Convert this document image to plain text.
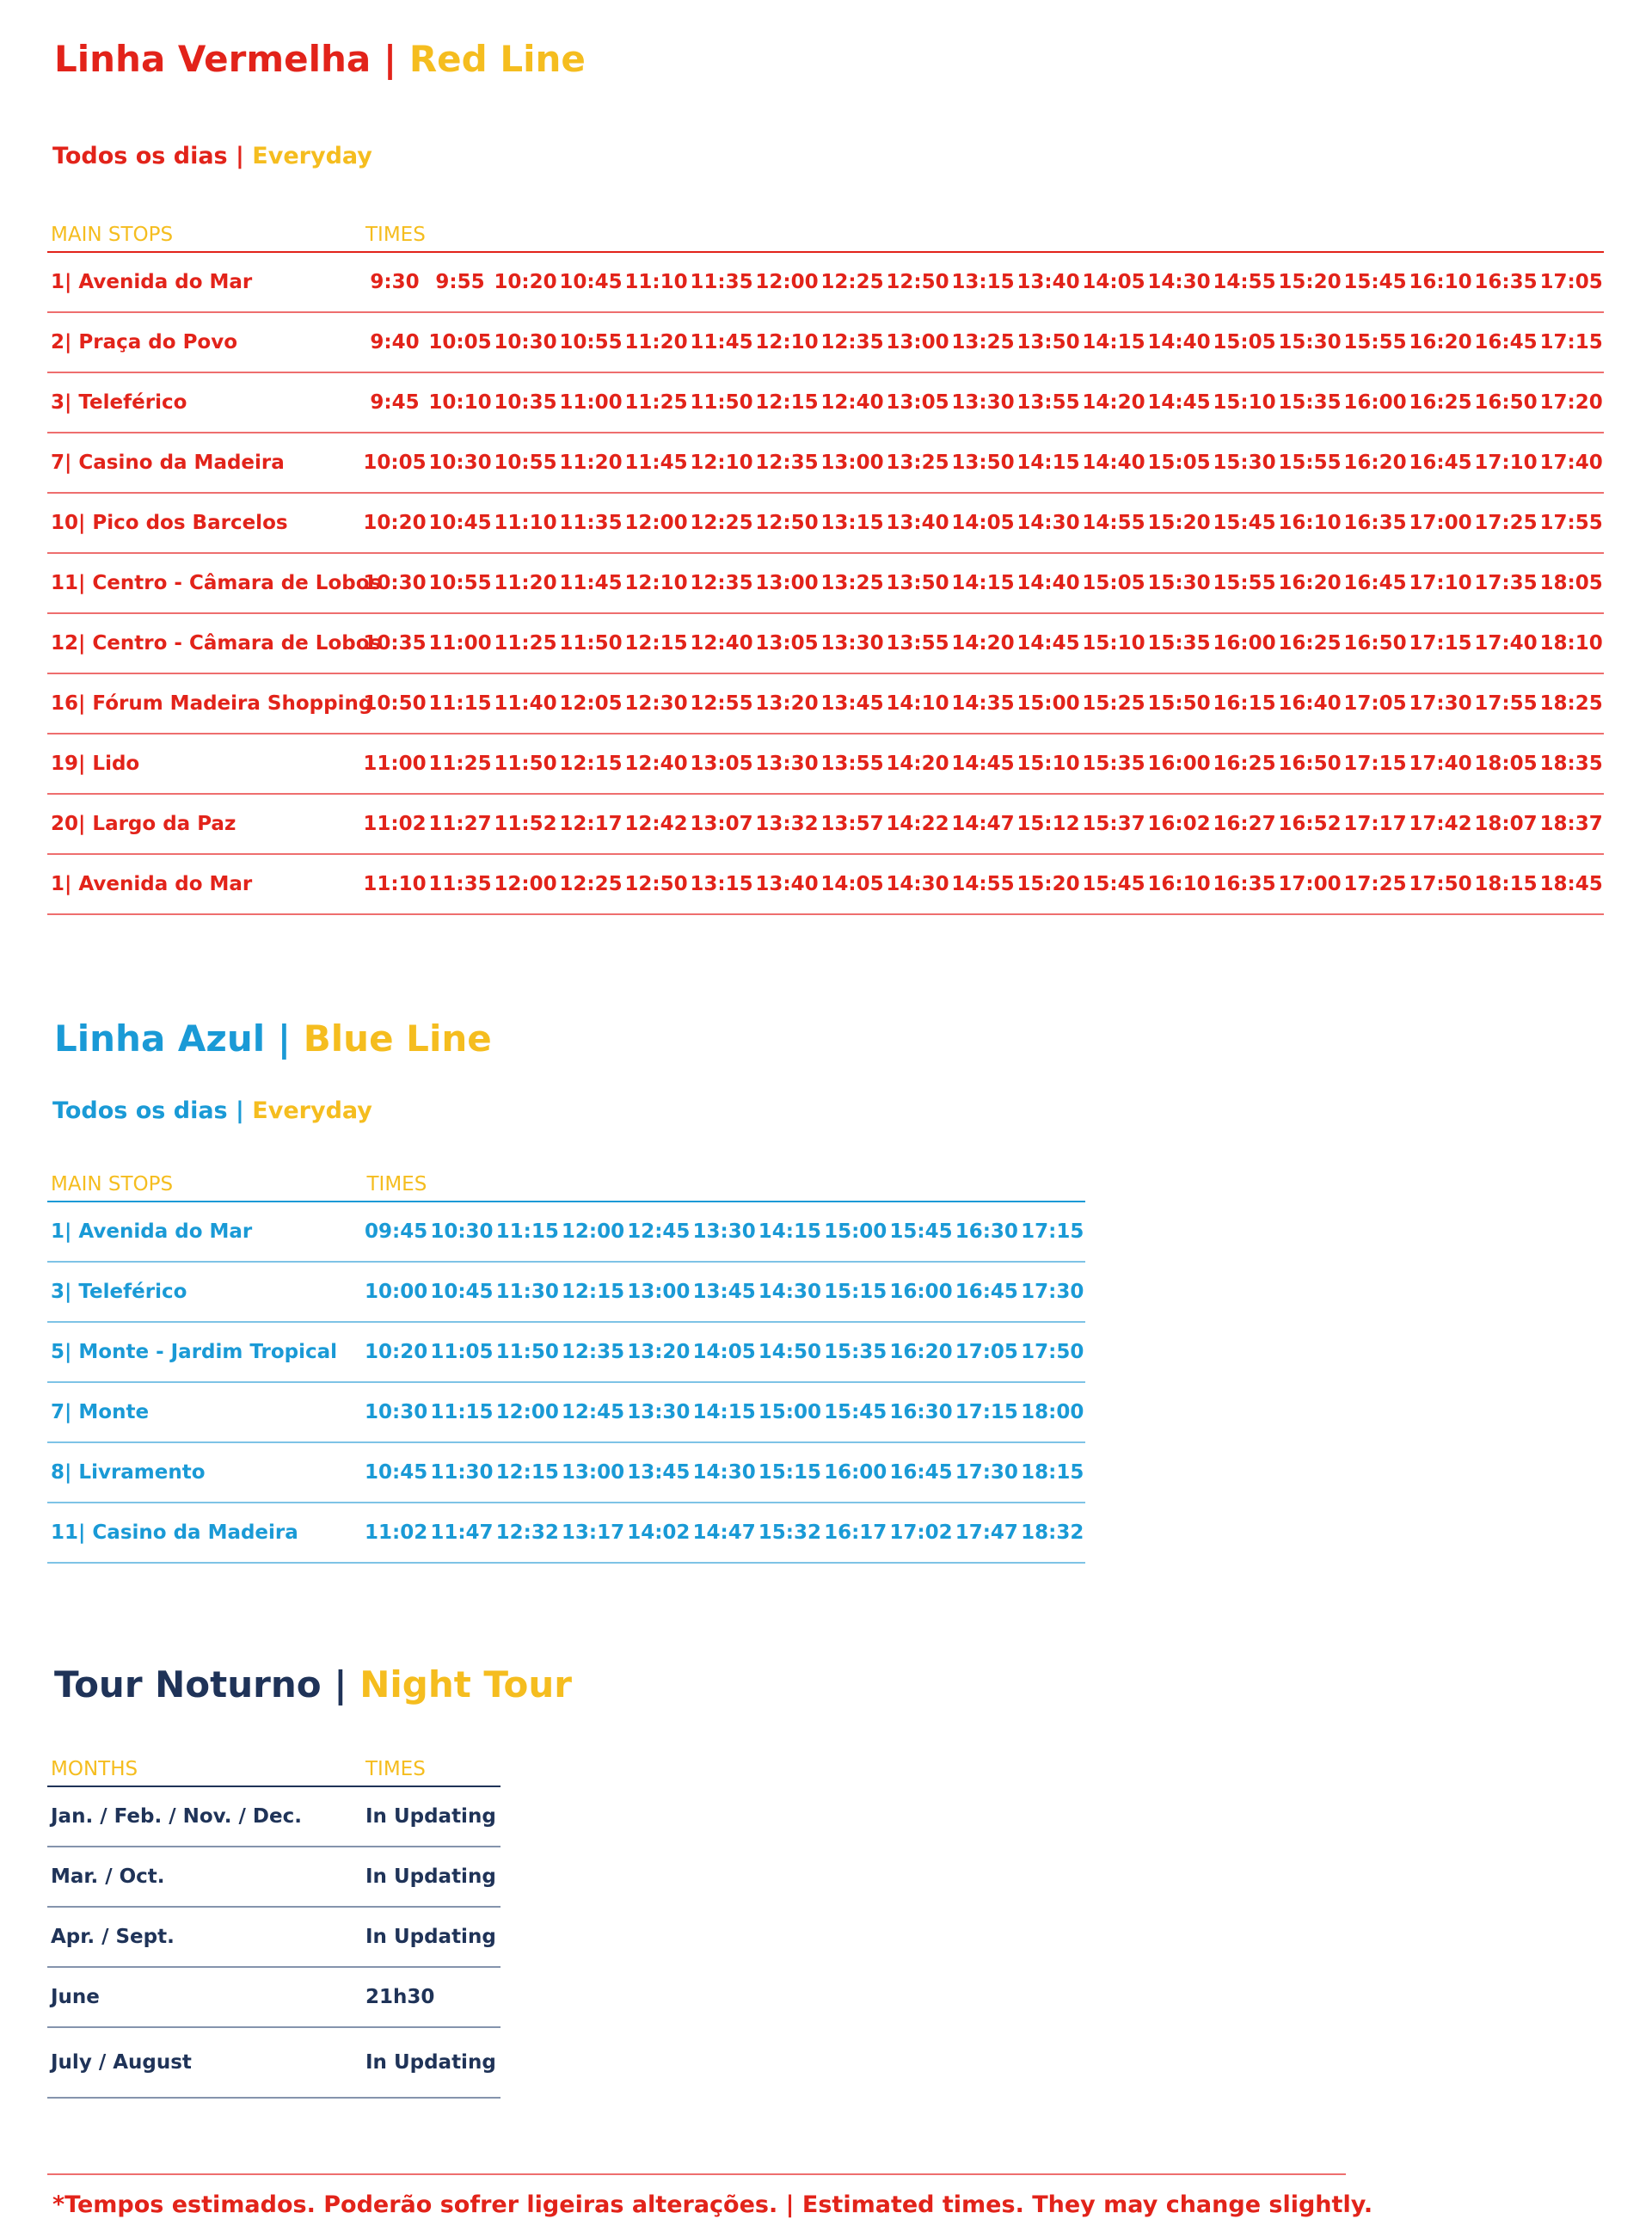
Linha Vermelha | Red Line
Todos os dias | Everyday
MAIN STOPS	TIMES																		
1| Avenida do Mar	9:30	9:55	10:20	10:45	11:10	11:35	12:00	12:25	12:50	13:15	13:40	14:05	14:30	14:55	15:20	15:45	16:10	16:35	17:05
2| Praça do Povo	9:40	10:05	10:30	10:55	11:20	11:45	12:10	12:35	13:00	13:25	13:50	14:15	14:40	15:05	15:30	15:55	16:20	16:45	17:15
3| Teleférico	9:45	10:10	10:35	11:00	11:25	11:50	12:15	12:40	13:05	13:30	13:55	14:20	14:45	15:10	15:35	16:00	16:25	16:50	17:20
7| Casino da Madeira	10:05	10:30	10:55	11:20	11:45	12:10	12:35	13:00	13:25	13:50	14:15	14:40	15:05	15:30	15:55	16:20	16:45	17:10	17:40
10| Pico dos Barcelos	10:20	10:45	11:10	11:35	12:00	12:25	12:50	13:15	13:40	14:05	14:30	14:55	15:20	15:45	16:10	16:35	17:00	17:25	17:55
11| Centro - Câmara de Lobos	10:30	10:55	11:20	11:45	12:10	12:35	13:00	13:25	13:50	14:15	14:40	15:05	15:30	15:55	16:20	16:45	17:10	17:35	18:05
12| Centro - Câmara de Lobos	10:35	11:00	11:25	11:50	12:15	12:40	13:05	13:30	13:55	14:20	14:45	15:10	15:35	16:00	16:25	16:50	17:15	17:40	18:10
16| Fórum Madeira Shopping	10:50	11:15	11:40	12:05	12:30	12:55	13:20	13:45	14:10	14:35	15:00	15:25	15:50	16:15	16:40	17:05	17:30	17:55	18:25
19| Lido	11:00	11:25	11:50	12:15	12:40	13:05	13:30	13:55	14:20	14:45	15:10	15:35	16:00	16:25	16:50	17:15	17:40	18:05	18:35
20| Largo da Paz	11:02	11:27	11:52	12:17	12:42	13:07	13:32	13:57	14:22	14:47	15:12	15:37	16:02	16:27	16:52	17:17	17:42	18:07	18:37
1| Avenida do Mar	11:10	11:35	12:00	12:25	12:50	13:15	13:40	14:05	14:30	14:55	15:20	15:45	16:10	16:35	17:00	17:25	17:50	18:15	18:45
Linha Azul | Blue Line
Todos os dias | Everyday
MAIN STOPS	TIMES										
1| Avenida do Mar	09:45	10:30	11:15	12:00	12:45	13:30	14:15	15:00	15:45	16:30	17:15
3| Teleférico	10:00	10:45	11:30	12:15	13:00	13:45	14:30	15:15	16:00	16:45	17:30
5| Monte - Jardim Tropical	10:20	11:05	11:50	12:35	13:20	14:05	14:50	15:35	16:20	17:05	17:50
7| Monte	10:30	11:15	12:00	12:45	13:30	14:15	15:00	15:45	16:30	17:15	18:00
8| Livramento	10:45	11:30	12:15	13:00	13:45	14:30	15:15	16:00	16:45	17:30	18:15
11| Casino da Madeira	11:02	11:47	12:32	13:17	14:02	14:47	15:32	16:17	17:02	17:47	18:32
Tour Noturno | Night Tour
MONTHS	TIMES
Jan. / Feb. / Nov. / Dec.	In Updating
Mar. / Oct.	In Updating
Apr. / Sept.	In Updating
June	21h30
July / August	In Updating
*Tempos estimados. Poderão sofrer ligeiras alterações. | Estimated times. They may change slightly.
